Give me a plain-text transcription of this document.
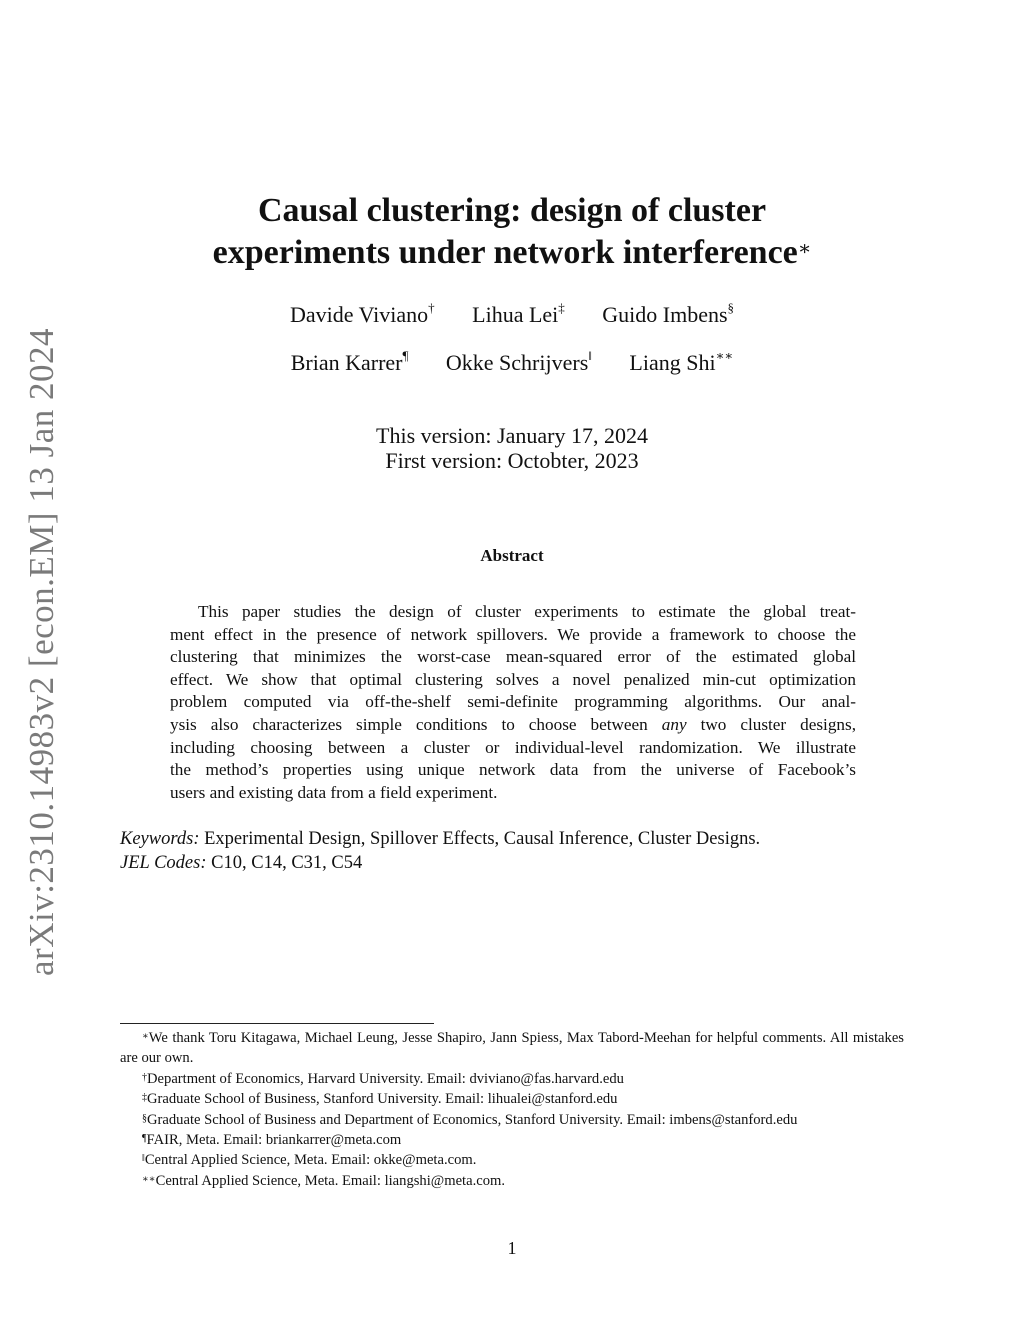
arXiv:2310.14983v2 [econ.EM] 13 Jan 2024
Causal clustering: design of cluster
experiments under network interference∗
Davide Viviano† Lihua Lei‡ Guido Imbens§
Brian Karrer¶ Okke Schrijvers‖ Liang Shi∗∗
This version: January 17, 2024
First version: Octobter, 2023
Abstract
This paper studies the design of cluster experiments to estimate the global treat-
ment effect in the presence of network spillovers. We provide a framework to choose the
clustering that minimizes the worst-case mean-squared error of the estimated global
effect. We show that optimal clustering solves a novel penalized min-cut optimization
problem computed via off-the-shelf semi-definite programming algorithms. Our anal-
ysis also characterizes simple conditions to choose between any two cluster designs,
including choosing between a cluster or individual-level randomization. We illustrate
the method’s properties using unique network data from the universe of Facebook’s
users and existing data from a field experiment.
Keywords: Experimental Design, Spillover Effects, Causal Inference, Cluster Designs.
JEL Codes: C10, C14, C31, C54
∗We thank Toru Kitagawa, Michael Leung, Jesse Shapiro, Jann Spiess, Max Tabord-Meehan for helpful comments. All mistakes are our own.
†Department of Economics, Harvard University. Email: dviviano@fas.harvard.edu
‡Graduate School of Business, Stanford University. Email: lihualei@stanford.edu
§Graduate School of Business and Department of Economics, Stanford University. Email: imbens@stanford.edu
¶FAIR, Meta. Email: briankarrer@meta.com
‖Central Applied Science, Meta. Email: okke@meta.com.
∗∗Central Applied Science, Meta. Email: liangshi@meta.com.
1
